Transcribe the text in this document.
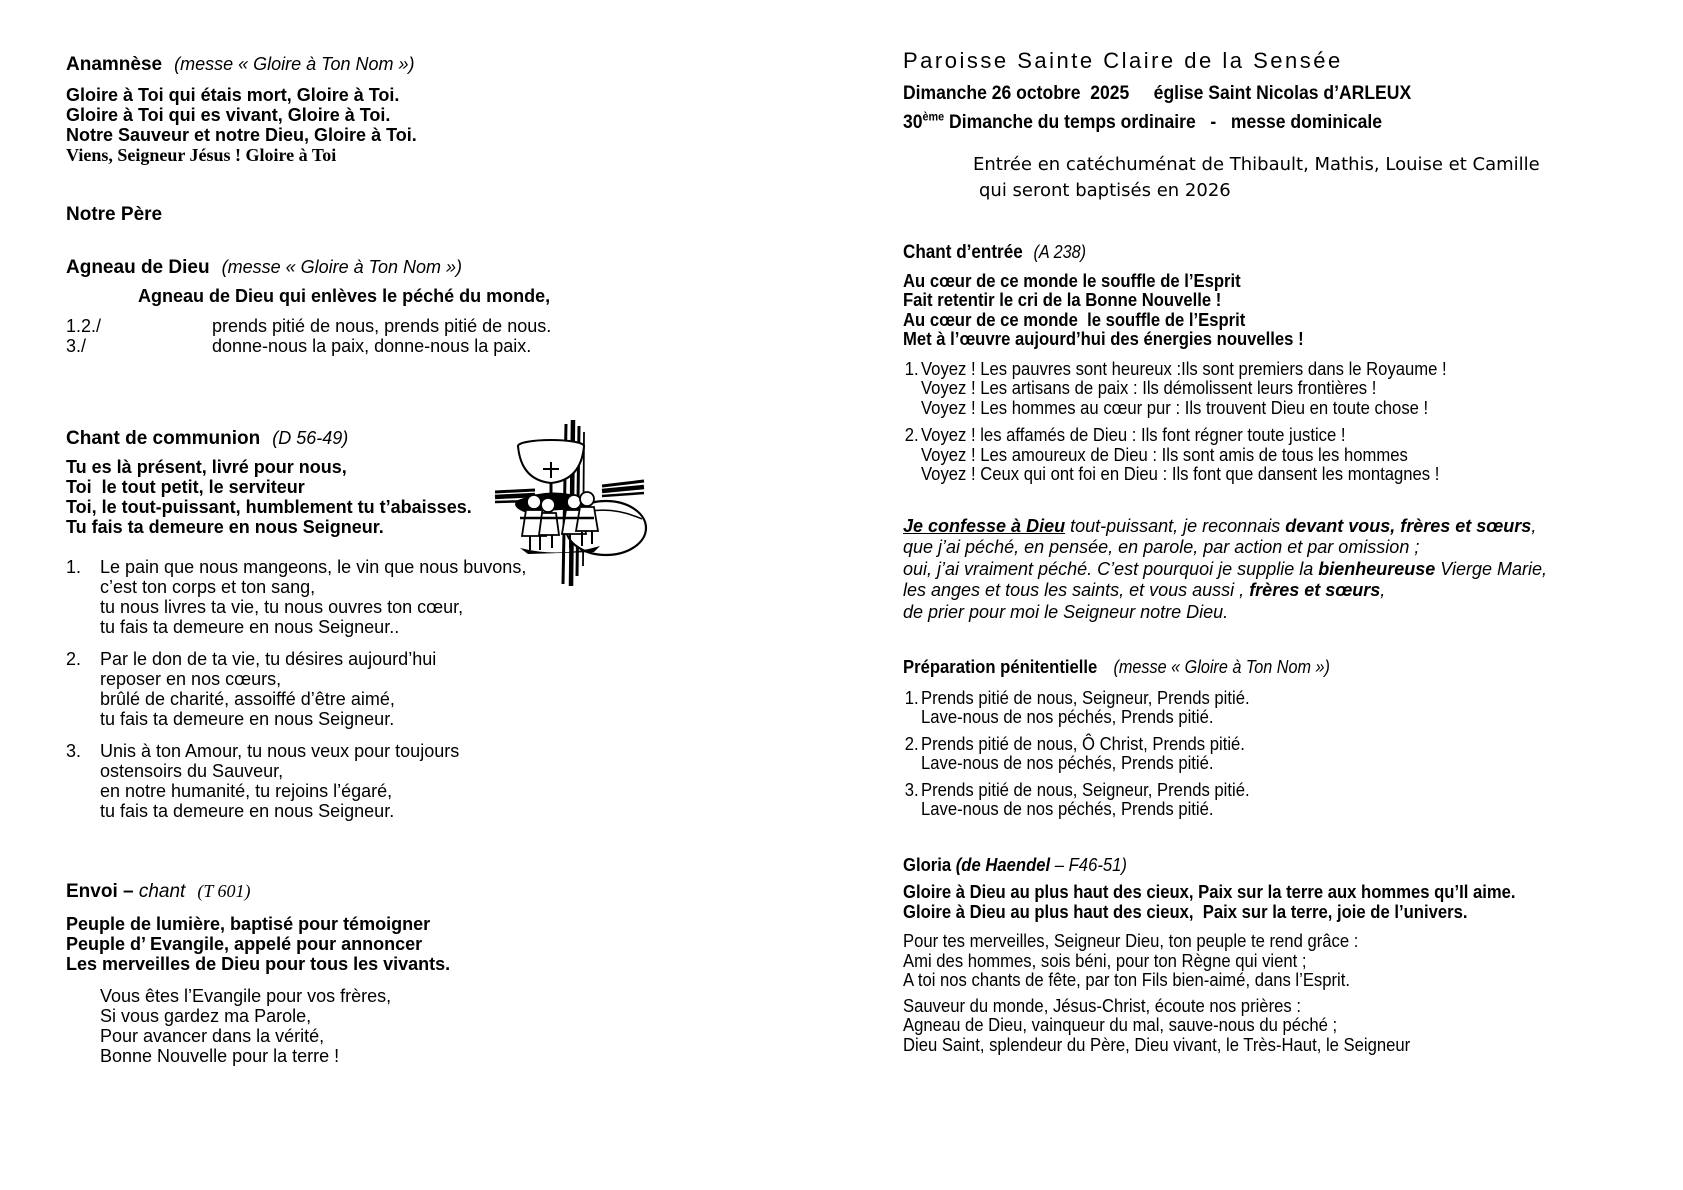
Anamnèse (messe « Gloire à Ton Nom »)
Gloire à Toi qui étais mort, Gloire à Toi.
Gloire à Toi qui es vivant, Gloire à Toi.
Notre Sauveur et notre Dieu, Gloire à Toi.
Viens, Seigneur Jésus ! Gloire à Toi
Notre Père
Agneau de Dieu (messe « Gloire à Ton Nom »)
Agneau de Dieu qui enlèves le péché du monde,
1.2./	prends pitié de nous, prends pitié de nous.
3./	donne-nous la paix, donne-nous la paix.
Chant de communion (D 56-49)
Tu es là présent, livré pour nous,
Toi  le tout petit, le serviteur
Toi, le tout-puissant, humblement tu t’abaisses.
Tu fais ta demeure en nous Seigneur.
1. Le pain que nous mangeons, le vin que nous buvons,
c’est ton corps et ton sang,
tu nous livres ta vie, tu nous ouvres ton cœur,
tu fais ta demeure en nous Seigneur..
2. Par le don de ta vie, tu désires aujourd’hui
reposer en nos cœurs,
brûlé de charité, assoiffé d’être aimé,
tu fais ta demeure en nous Seigneur.
3. Unis à ton Amour, tu nous veux pour toujours
ostensoirs du Sauveur,
en notre humanité, tu rejoins l’égaré,
tu fais ta demeure en nous Seigneur.
Envoi – chant (T 601)
Peuple de lumière, baptisé pour témoigner
Peuple d’ Evangile, appelé pour annoncer
Les merveilles de Dieu pour tous les vivants.
Vous êtes l’Evangile pour vos frères,
Si vous gardez ma Parole,
Pour avancer dans la vérité,
Bonne Nouvelle pour la terre !
Paroisse Sainte Claire de la Sensée
Dimanche 26 octobre  2025     église Saint Nicolas d’ARLEUX
30ème Dimanche du temps ordinaire   -   messe dominicale
Entrée en catéchuménat de Thibault, Mathis, Louise et Camille
qui seront baptisés en 2026
Chant d’entrée (A 238)
Au cœur de ce monde le souffle de l’Esprit
Fait retentir le cri de la Bonne Nouvelle !
Au cœur de ce monde  le souffle de l’Esprit
Met à l’œuvre aujourd’hui des énergies nouvelles !
1. Voyez ! Les pauvres sont heureux :Ils sont premiers dans le Royaume !
Voyez ! Les artisans de paix : Ils démolissent leurs frontières !
Voyez ! Les hommes au cœur pur : Ils trouvent Dieu en toute chose !
2. Voyez ! les affamés de Dieu : Ils font régner toute justice !
Voyez ! Les amoureux de Dieu : Ils sont amis de tous les hommes
Voyez ! Ceux qui ont foi en Dieu : Ils font que dansent les montagnes !
Je confesse à Dieu tout-puissant, je reconnais devant vous, frères et sœurs,
que j’ai péché, en pensée, en parole, par action et par omission ;
oui, j’ai vraiment péché. C’est pourquoi je supplie la bienheureuse Vierge Marie,
les anges et tous les saints, et vous aussi , frères et sœurs,
de prier pour moi le Seigneur notre Dieu.
Préparation pénitentielle (messe « Gloire à Ton Nom »)
1. Prends pitié de nous, Seigneur, Prends pitié.
Lave-nous de nos péchés, Prends pitié.
2. Prends pitié de nous, Ô Christ, Prends pitié.
Lave-nous de nos péchés, Prends pitié.
3. Prends pitié de nous, Seigneur, Prends pitié.
Lave-nous de nos péchés, Prends pitié.
Gloria (de Haendel – F46-51)
Gloire à Dieu au plus haut des cieux, Paix sur la terre aux hommes qu’Il aime.
Gloire à Dieu au plus haut des cieux,  Paix sur la terre, joie de l’univers.
Pour tes merveilles, Seigneur Dieu, ton peuple te rend grâce :
Ami des hommes, sois béni, pour ton Règne qui vient ;
A toi nos chants de fête, par ton Fils bien-aimé, dans l’Esprit.
Sauveur du monde, Jésus-Christ, écoute nos prières :
Agneau de Dieu, vainqueur du mal, sauve-nous du péché ;
Dieu Saint, splendeur du Père, Dieu vivant, le Très-Haut, le Seigneur
